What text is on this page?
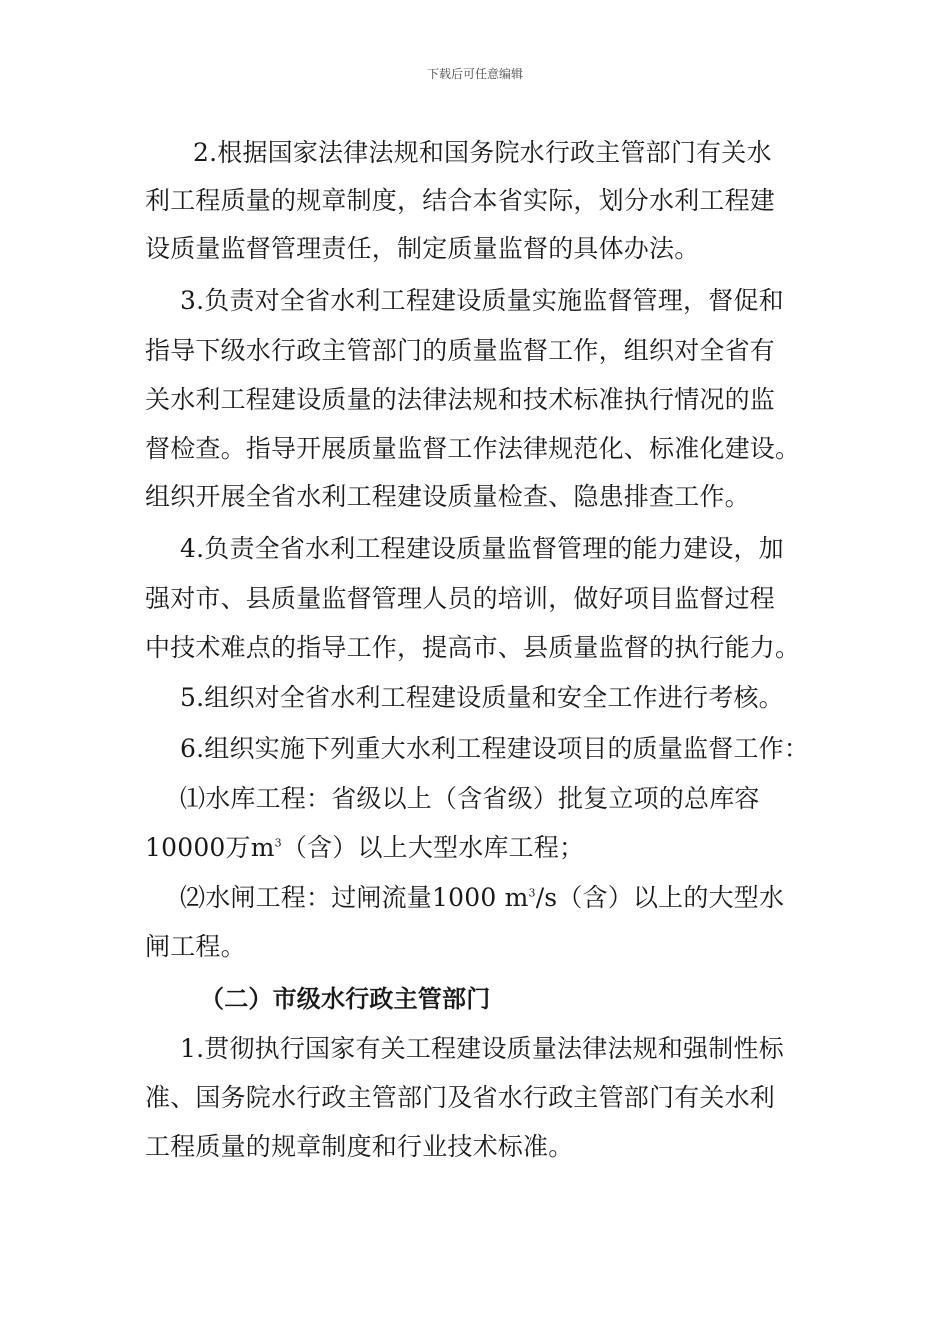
下载后可任意编辑
2.根据国家法律法规和国务院水行政主管部门有关水
利工程质量的规章制度，结合本省实际，划分水利工程建
设质量监督管理责任，制定质量监督的具体办法。
3.负责对全省水利工程建设质量实施监督管理，督促和
指导下级水行政主管部门的质量监督工作，组织对全省有
关水利工程建设质量的法律法规和技术标准执行情况的监
督检查。指导开展质量监督工作法律规范化、标准化建设。
组织开展全省水利工程建设质量检查、隐患排查工作。
4.负责全省水利工程建设质量监督管理的能力建设，加
强对市、县质量监督管理人员的培训，做好项目监督过程
中技术难点的指导工作，提高市、县质量监督的执行能力。
5.组织对全省水利工程建设质量和安全工作进行考核。
6.组织实施下列重大水利工程建设项目的质量监督工作：
⑴水库工程：省级以上（含省级）批复立项的总库容
10000万$m^3$（含）以上大型水库工程；
⑵水闸工程：过闸流量1000 $m^3/s$（含）以上的大型水
闸工程。
（二）市级水行政主管部门
1.贯彻执行国家有关工程建设质量法律法规和强制性标
准、国务院水行政主管部门及省水行政主管部门有关水利
工程质量的规章制度和行业技术标准。
